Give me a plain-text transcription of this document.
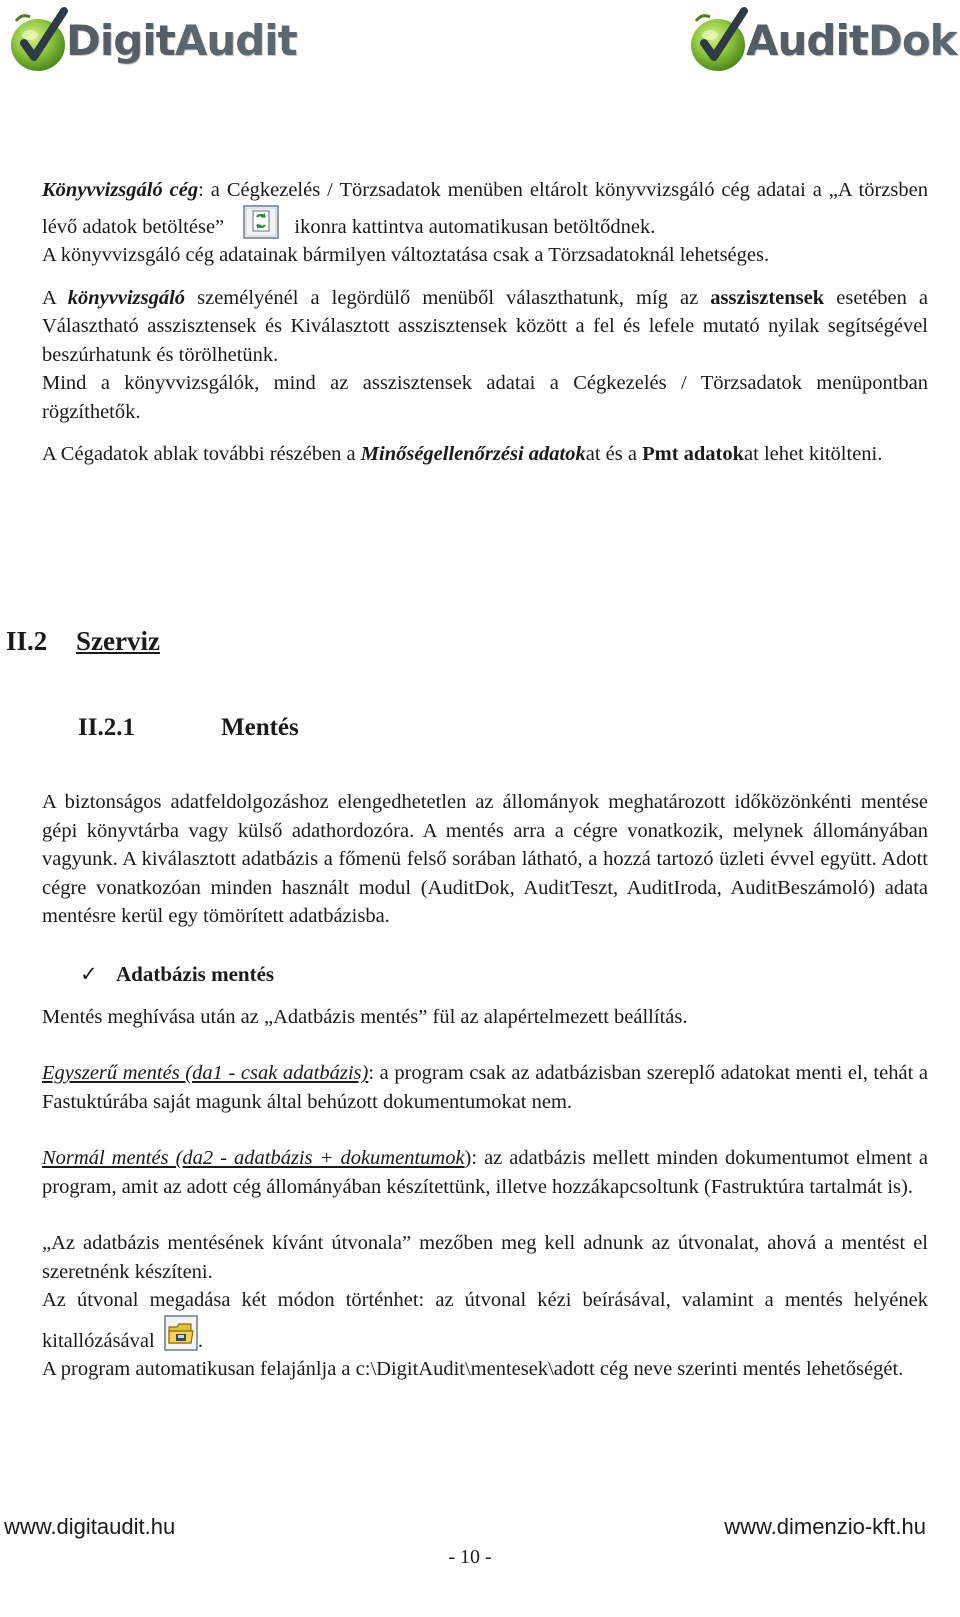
DigitAudit	AuditDok

Könyvvizsgáló cég: a Cégkezelés / Törzsadatok menüben eltárolt könyvvizsgáló cég adatai a „A törzsben lévő adatok betöltése”	ikonra kattintva automatikusan betöltődnek.

A könyvvizsgáló cég adatainak bármilyen változtatása csak a Törzsadatoknál lehetséges.

A könyvvizsgáló személyénél a legördülő menüből választhatunk, míg az asszisztensek esetében a Választható asszisztensek és Kiválasztott asszisztensek között a fel és lefele mutató nyilak segítségével beszúrhatunk és törölhetünk.

Mind a könyvvizsgálók, mind az asszisztensek adatai a Cégkezelés / Törzsadatok menüpontban rögzíthetők.

A Cégadatok ablak további részében a Minőségellenőrzési adatokat és a Pmt adatokat lehet kitölteni.

II.2 Szerviz
II.2.1	Mentés

A biztonságos adatfeldolgozáshoz elengedhetetlen az állományok meghatározott időközönkénti mentése gépi könyvtárba vagy külső adathordozóra. A mentés arra a cégre vonatkozik, melynek állományában vagyunk. A kiválasztott adatbázis a főmenü felső sorában látható, a hozzá tartozó üzleti évvel együtt. Adott cégre vonatkozóan minden használt modul (AuditDok, AuditTeszt, AuditIroda, AuditBeszámoló) adata mentésre kerül egy tömörített adatbázisba.

✓ Adatbázis mentés

Mentés meghívása után az „Adatbázis mentés” fül az alapértelmezett beállítás.

Egyszerű mentés (da1 - csak adatbázis): a program csak az adatbázisban szereplő adatokat menti el, tehát a Fastuktúrába saját magunk által behúzott dokumentumokat nem.

Normál mentés (da2 - adatbázis + dokumentumok): az adatbázis mellett minden dokumentumot elment a program, amit az adott cég állományában készítettünk, illetve hozzákapcsoltunk (Fastruktúra tartalmát is).

„Az adatbázis mentésének kívánt útvonala” mezőben meg kell adnunk az útvonalat, ahová a mentést el szeretnénk készíteni.

Az útvonal megadása két módon történhet: az útvonal kézi beírásával, valamint a mentés helyének kitallózásával .

A program automatikusan felajánlja a c:\DigitAudit\mentesek\adott cég neve szerinti mentés lehetőségét.

www.digitaudit.hu	www.dimenzio-kft.hu
- 10 -
